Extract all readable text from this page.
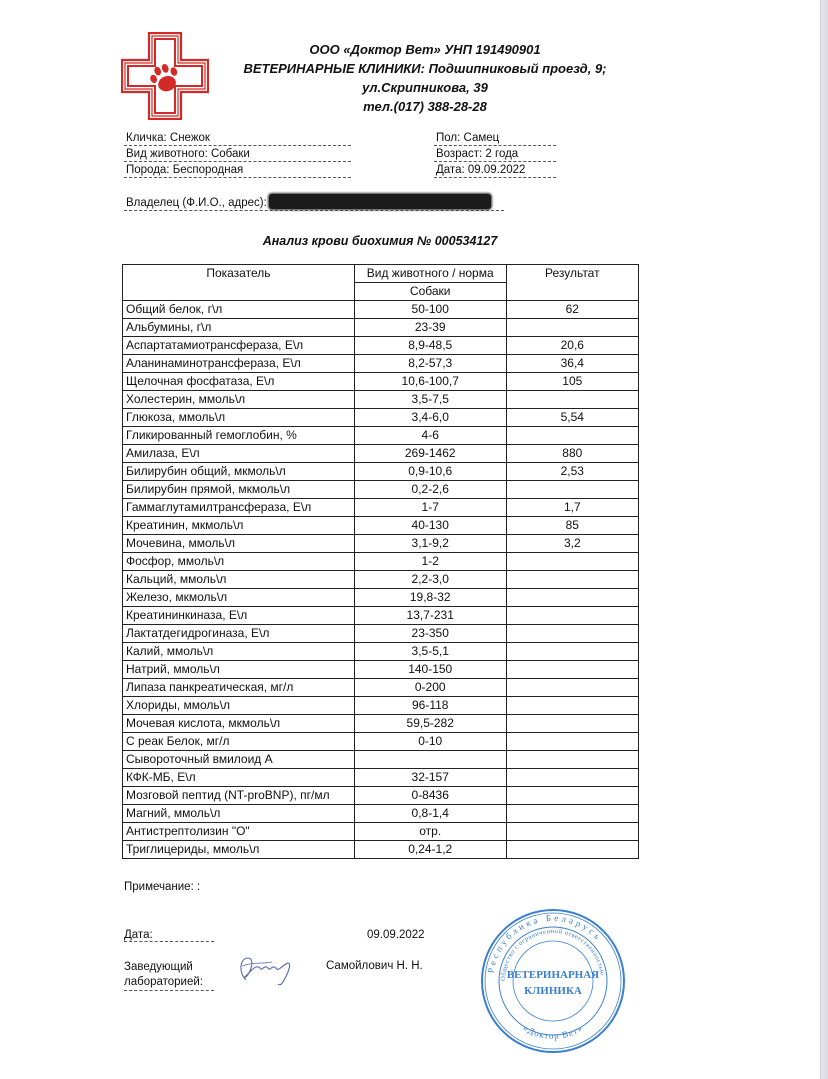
ООО «Доктор Вет» УНП 191490901
ВЕТЕРИНАРНЫЕ КЛИНИКИ: Подшипниковый проезд, 9;
ул.Скрипникова, 39
тел.(017) 388-28-28
Кличка: Снежок
Вид животного: Собаки
Порода: Беспородная
Пол: Самец
Возраст: 2 года
Дата: 09.09.2022
Владелец (Ф.И.О., адрес):
Анализ крови биохимия № 000534127
Показатель	Вид животного / норма	Результат
	Собаки	
Общий белок, г\л	50-100	62
Альбумины, г\л	23-39	
Аспартатамиотрансфераза, Е\л	8,9-48,5	20,6
Аланинаминотрансфераза, Е\л	8,2-57,3	36,4
Щелочная фосфатаза, Е\л	10,6-100,7	105
Холестерин, ммоль\л	3,5-7,5	
Глюкоза, ммоль\л	3,4-6,0	5,54
Гликированный гемоглобин, %	4-6	
Амилаза, Е\л	269-1462	880
Билирубин общий, мкмоль\л	0,9-10,6	2,53
Билирубин прямой, мкмоль\л	0,2-2,6	
Гаммаглутамилтрансфераза, Е\л	1-7	1,7
Креатинин, мкмоль\л	40-130	85
Мочевина, ммоль\л	3,1-9,2	3,2
Фосфор, ммоль\л	1-2	
Кальций, ммоль\л	2,2-3,0	
Железо, мкмоль\л	19,8-32	
Креатининкиназа, Е\л	13,7-231	
Лактатдегидрогиназа, Е\л	23-350	
Калий, ммоль\л	3,5-5,1	
Натрий, ммоль\л	140-150	
Липаза панкреатическая, мг/л	0-200	
Хлориды, ммоль\л	96-118	
Мочевая кислота, мкмоль\л	59,5-282	
С реак Белок, мг/л	0-10	
Сывороточный вмилоид А		
КФК-МБ, Е\л	32-157	
Мозговой пептид (NT-proBNP), пг/мл	0-8436	
Магний, ммоль\л	0,8-1,4	
Антистрептолизин "О"	отр.	
Триглицериды, ммоль\л	0,24-1,2	
Примечание: :
Дата:	09.09.2022
Заведующий
лабораторией:
Самойлович Н. Н.	Республика Беларусь
Общество с ограниченной ответственностью
«Доктор Вет»
ВЕТЕРИНАРНАЯ
КЛИНИКА
